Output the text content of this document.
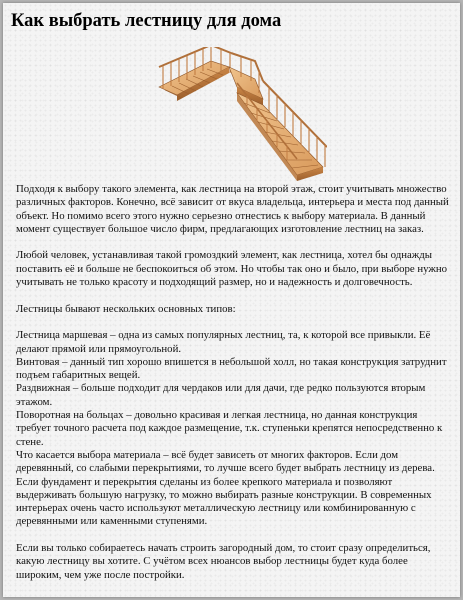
Как выбрать лестницу для дома

Подходя к выбору такого элемента, как лестница на второй этаж, стоит учитывать множество различных факторов. Конечно, всё зависит от вкуса владельца, интерьера и места под данный объект. Но помимо всего этого нужно серьезно отнестись к выбору материала. В данный момент существует большое число фирм, предлагающих изготовление лестниц на заказ.

Любой человек, устанавливая такой громоздкий элемент, как лестница, хотел бы однажды поставить её и больше не беспокоиться об этом. Но чтобы так оно и было, при выборе нужно учитывать не только красоту и подходящий размер, но и надежность и долговечность.

Лестницы бывают нескольких основных типов:

Лестница маршевая – одна из самых популярных лестниц, та, к которой все привыкли. Её делают прямой или прямоугольной.
Винтовая – данный тип хорошо впишется в небольшой холл, но такая конструкция затруднит подъем габаритных вещей.
Раздвижная – больше подходит для чердаков или для дачи, где редко пользуются вторым этажом.
Поворотная на больцах – довольно красивая и легкая лестница, но данная конструкция требует точного расчета под каждое размещение, т.к. ступеньки крепятся непосредственно к стене.
Что касается выбора материала – всё будет зависеть от многих факторов. Если дом деревянный, со слабыми перекрытиями, то лучше всего будет выбрать лестницу из дерева. Если фундамент и перекрытия сделаны из более крепкого материала и позволяют выдерживать большую нагрузку, то можно выбирать разные конструкции. В современных интерьерах очень часто используют металлическую лестницу или комбинированную с деревянными или каменными ступенями.

Если вы только собираетесь начать строить загородный дом, то стоит сразу определиться, какую лестницу вы хотите. С учётом всех нюансов выбор лестницы будет куда более широким, чем уже после постройки.
